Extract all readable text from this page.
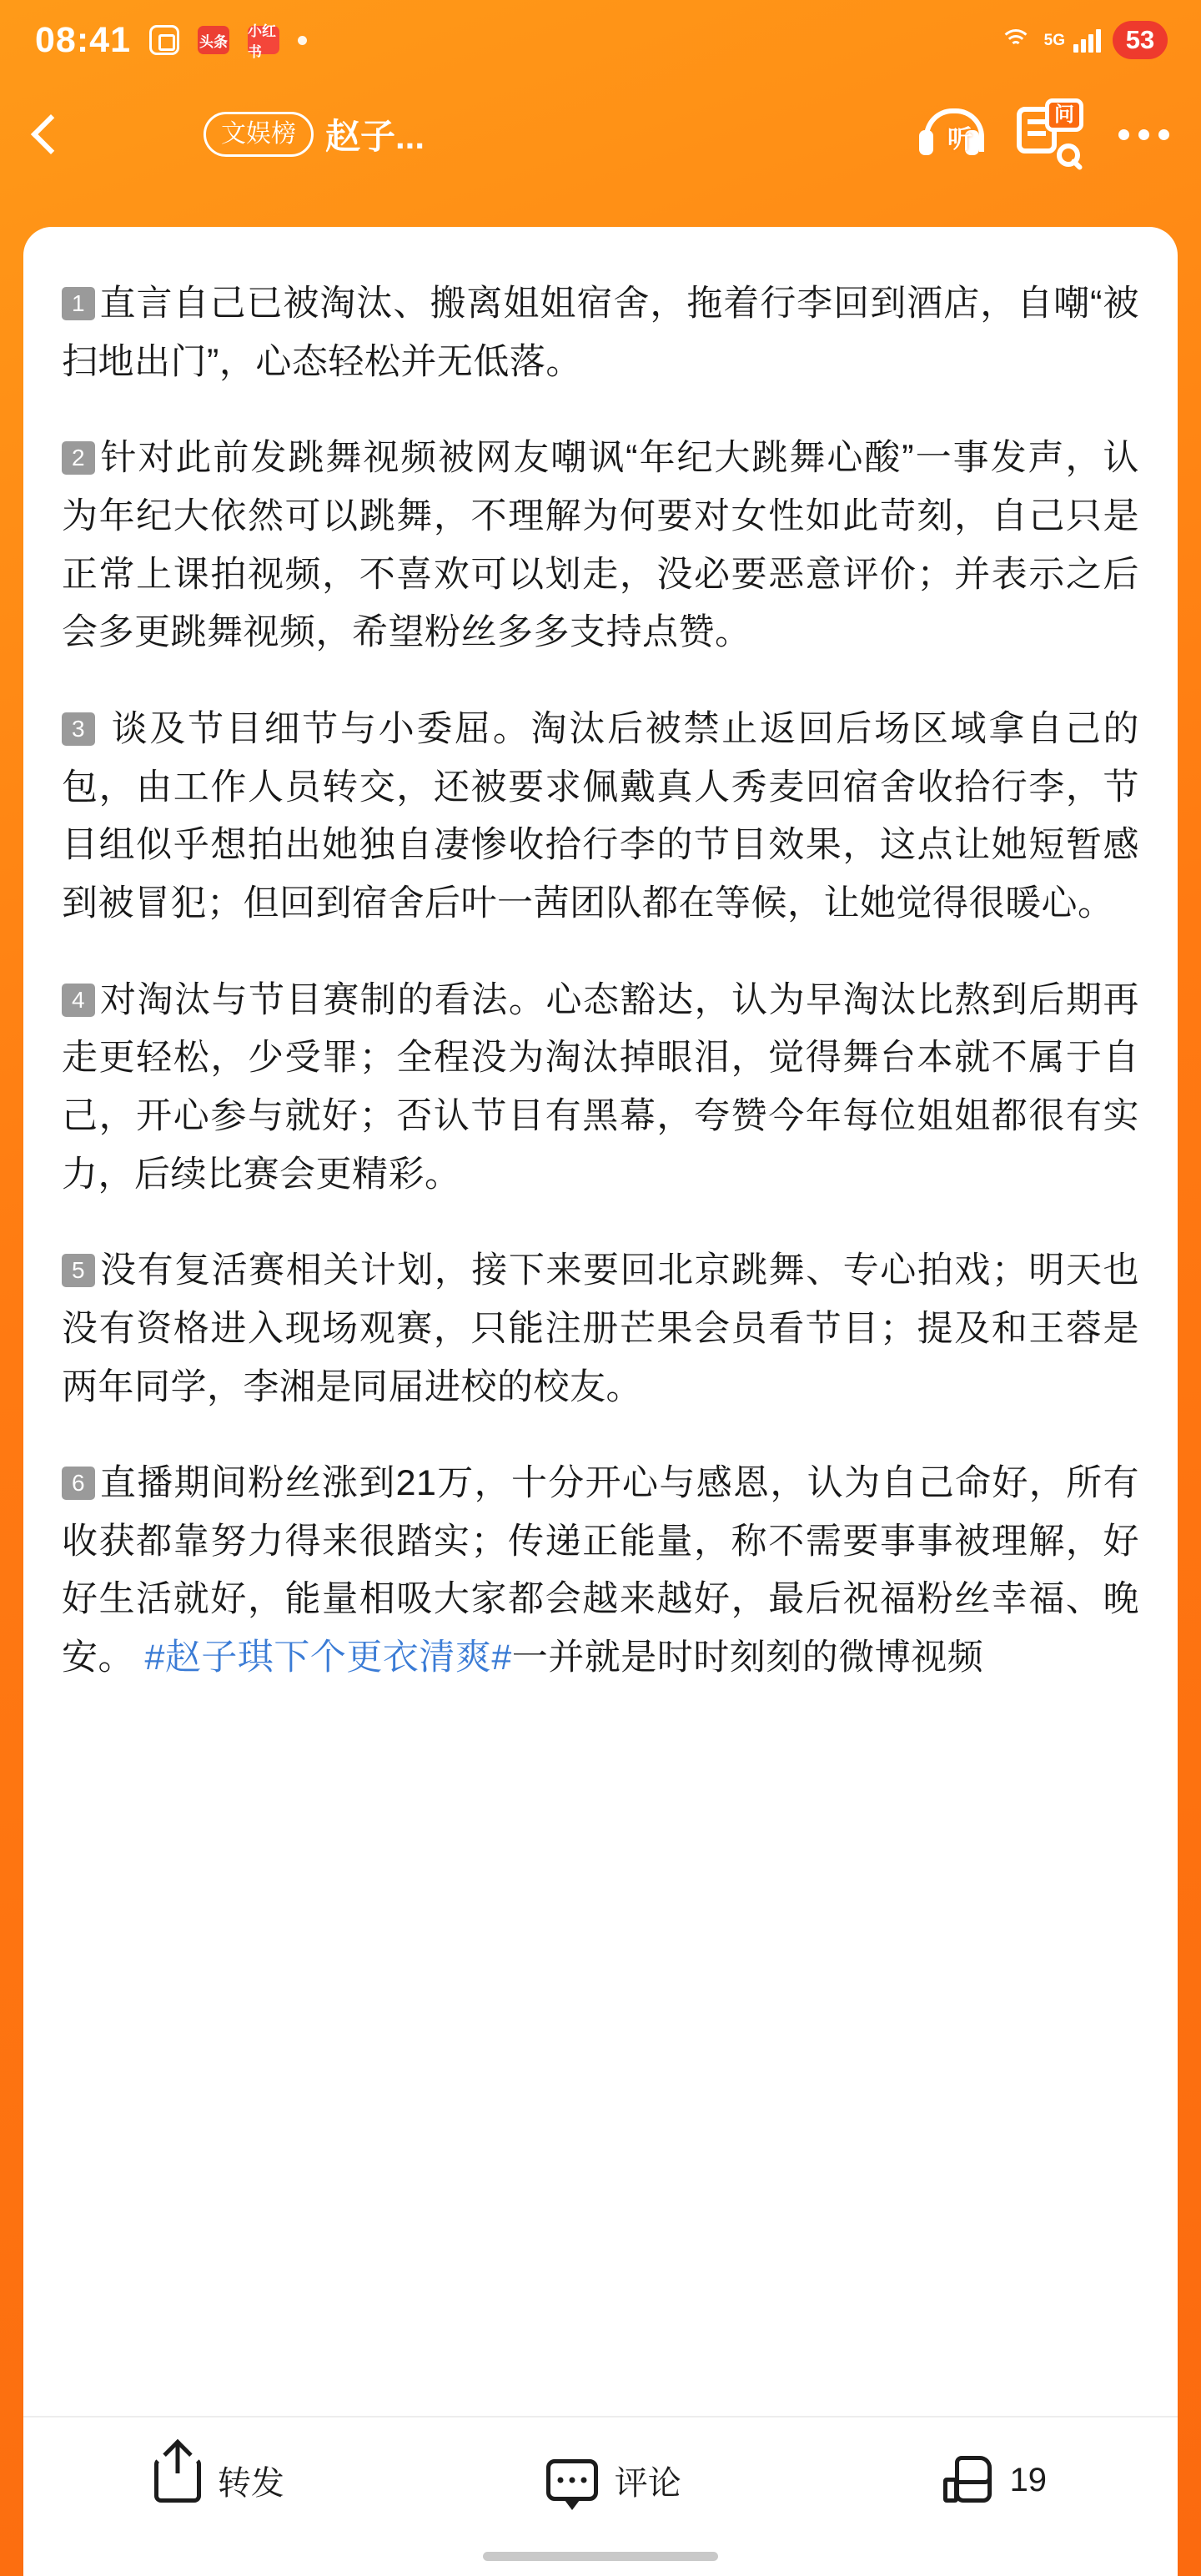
08:41	头条
小红书
5G	53
文娱榜 赵子...	听
问

1 直言自己已被淘汰、搬离姐姐宿舍，拖着行李回到酒店，自嘲“被扫地出门”，心态轻松并无低落。

2 针对此前发跳舞视频被网友嘲讽“年纪大跳舞心酸”一事发声，认为年纪大依然可以跳舞，不理解为何要对女性如此苛刻，自己只是正常上课拍视频，不喜欢可以划走，没必要恶意评价；并表示之后会多更跳舞视频，希望粉丝多多支持点赞。

3 谈及节目细节与小委屈。淘汰后被禁止返回后场区域拿自己的包，由工作人员转交，还被要求佩戴真人秀麦回宿舍收拾行李，节目组似乎想拍出她独自凄惨收拾行李的节目效果，这点让她短暂感到被冒犯；但回到宿舍后叶一茜团队都在等候，让她觉得很暖心。

4 对淘汰与节目赛制的看法。心态豁达，认为早淘汰比熬到后期再走更轻松，少受罪；全程没为淘汰掉眼泪，觉得舞台本就不属于自己，开心参与就好；否认节目有黑幕，夸赞今年每位姐姐都很有实力，后续比赛会更精彩。

5 没有复活赛相关计划，接下来要回北京跳舞、专心拍戏；明天也没有资格进入现场观赛，只能注册芒果会员看节目；提及和王蓉是两年同学，李湘是同届进校的校友。

6 直播期间粉丝涨到21万，十分开心与感恩，认为自己命好，所有收获都靠努力得来很踏实；传递正能量，称不需要事事被理解，好好生活就好，能量相吸大家都会越来越好，最后祝福粉丝幸福、晚安。 #赵子琪下个更衣清爽#一并就是时时刻刻的微博视频

转发	评论	19
